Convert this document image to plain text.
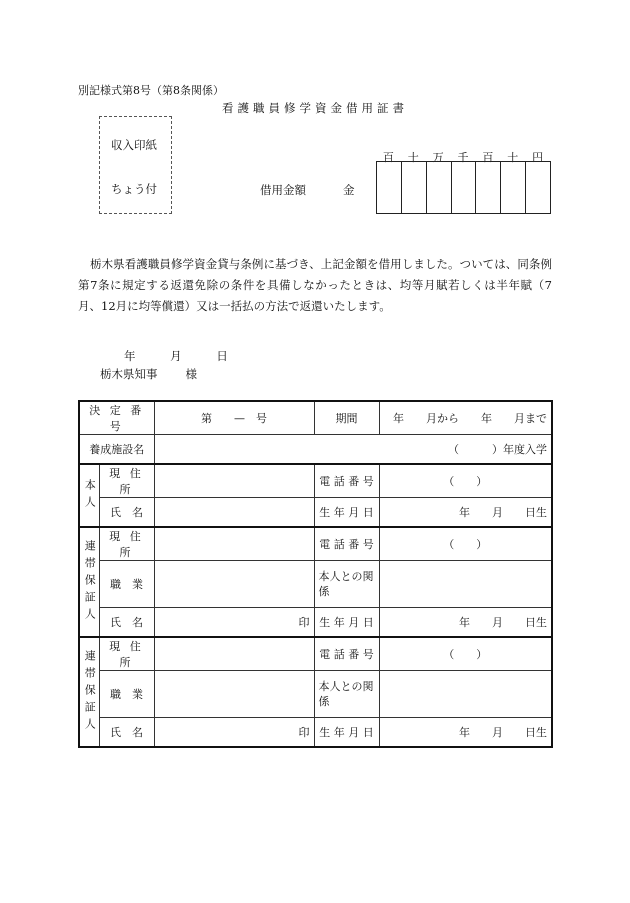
別記様式第8号（第8条関係）
看護職員修学資金借用証書
収入印紙
ちょう付	借用金額	金
百	十	万	千	百	十	円
栃木県看護職員修学資金貸与条例に基づき、上記金額を借用しました。ついては、同条例第7条に規定する返還免除の条件を具備しなかったときは、均等月賦若しくは半年賦（7月、12月に均等償還）又は一括払の方法で返還いたします。
年	月	日
栃木県知事 様
決 定 番 号		第　　—　号	期間	年　　月から　　年　　月まで
養成施設名		（　　　）年度入学		
本人	現 住 所		電 話 番 号	（　　）
	氏　名		生 年 月 日	年　　月　　日生
連帯保証人	現 住 所		電 話 番 号	（　　）
	職　業		本人との関係	
	氏　名	印	生 年 月 日	年　　月　　日生
連帯保証人	現 住 所		電 話 番 号	（　　）
	職　業		本人との関係	
	氏　名	印	生 年 月 日	年　　月　　日生
